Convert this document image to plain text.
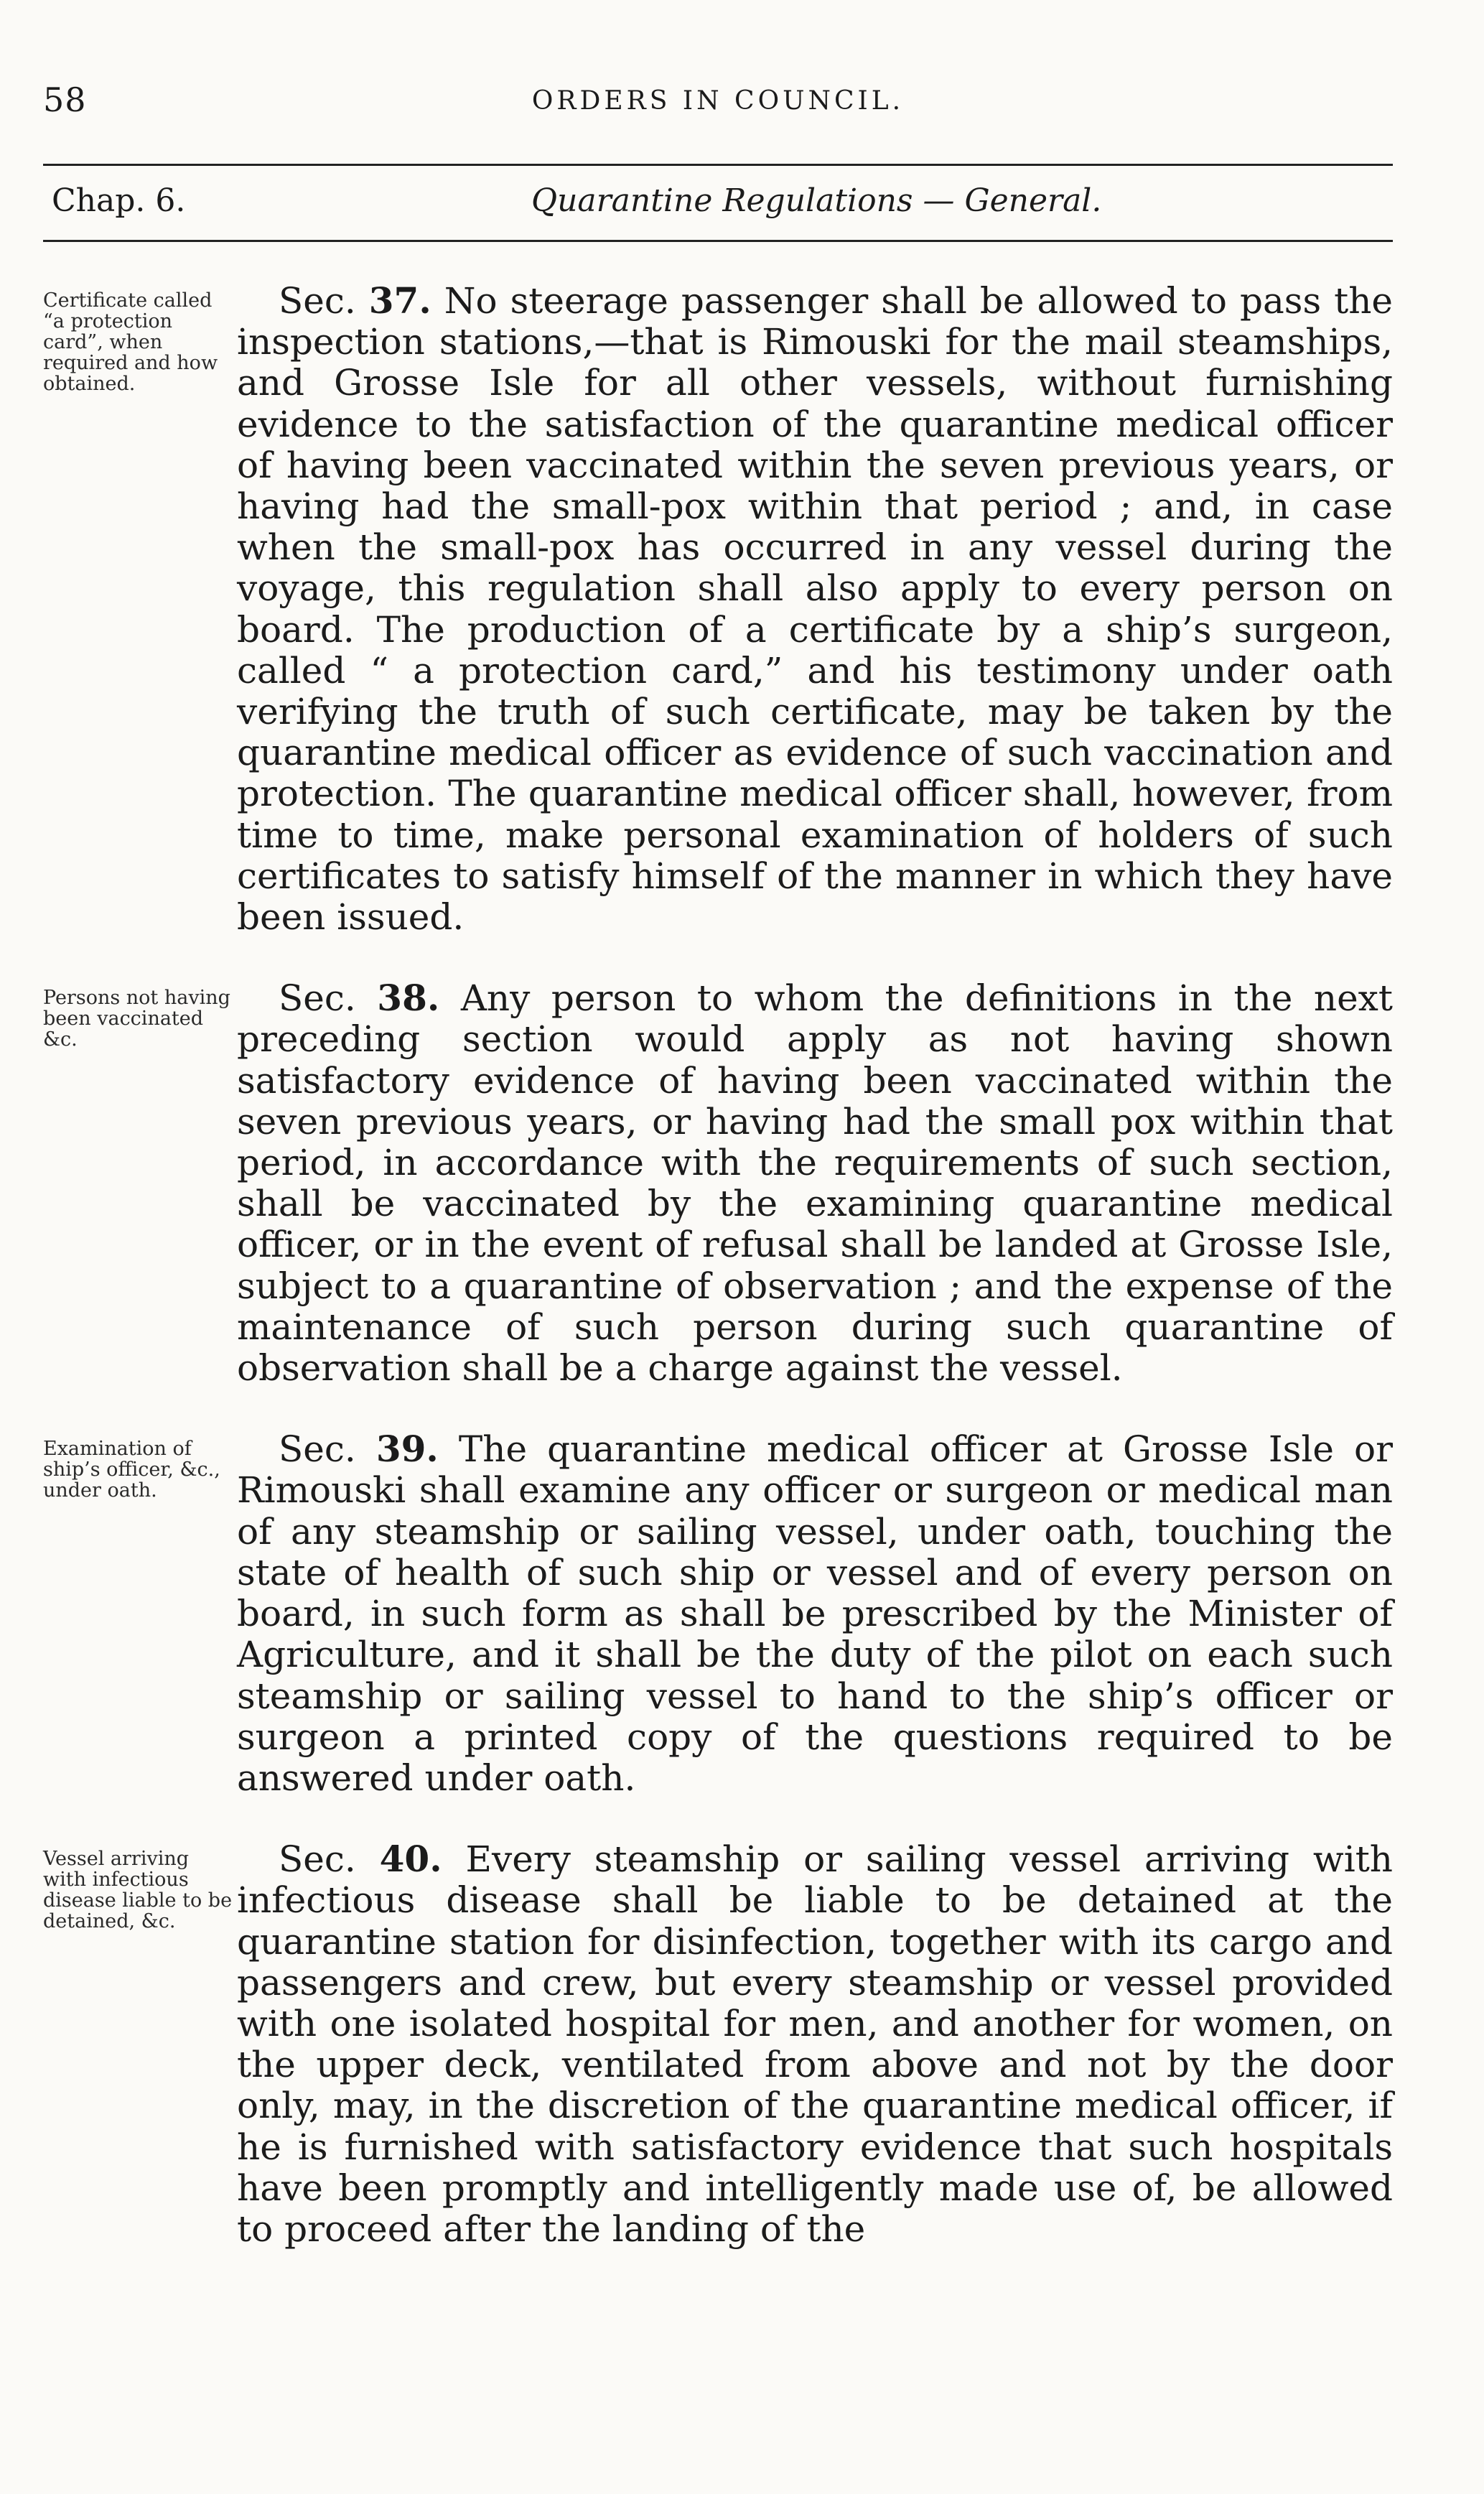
58	ORDERS IN COUNCIL.
Chap. 6.	Quarantine Regulations — General.
Certificate called “a protection card”, when required and how obtained.
Sec. 37. No steerage passenger shall be allowed to pass the inspection stations,—that is Rimouski for the mail steamships, and Grosse Isle for all other vessels, without furnishing evidence to the satisfaction of the quarantine medical officer of having been vaccinated within the seven previous years, or having had the small-pox within that period ; and, in case when the small-pox has occurred in any vessel during the voyage, this regulation shall also apply to every person on board. The production of a certificate by a ship’s surgeon, called “ a protection card,” and his testimony under oath verifying the truth of such certificate, may be taken by the quarantine medical officer as evidence of such vaccination and protection. The quarantine medical officer shall, however, from time to time, make personal examination of holders of such certificates to satisfy himself of the manner in which they have been issued.
Persons not having been vaccinated &c.
Sec. 38. Any person to whom the definitions in the next preceding section would apply as not having shown satisfactory evidence of having been vaccinated within the seven previous years, or having had the small pox within that period, in accordance with the requirements of such section, shall be vaccinated by the examining quarantine medical officer, or in the event of refusal shall be landed at Grosse Isle, subject to a quarantine of observation ; and the expense of the maintenance of such person during such quarantine of observation shall be a charge against the vessel.
Examination of ship’s officer, &c., under oath.
Sec. 39. The quarantine medical officer at Grosse Isle or Rimouski shall examine any officer or surgeon or medical man of any steamship or sailing vessel, under oath, touching the state of health of such ship or vessel and of every person on board, in such form as shall be prescribed by the Minister of Agriculture, and it shall be the duty of the pilot on each such steamship or sailing vessel to hand to the ship’s officer or surgeon a printed copy of the questions required to be answered under oath.
Vessel arriving with infectious disease liable to be detained, &c.
Sec. 40. Every steamship or sailing vessel arriving with infectious disease shall be liable to be detained at the quarantine station for disinfection, together with its cargo and passengers and crew, but every steamship or vessel provided with one isolated hospital for men, and another for women, on the upper deck, ventilated from above and not by the door only, may, in the discretion of the quarantine medical officer, if he is furnished with satisfactory evidence that such hospitals have been promptly and intelligently made use of, be allowed to proceed after the landing of the
